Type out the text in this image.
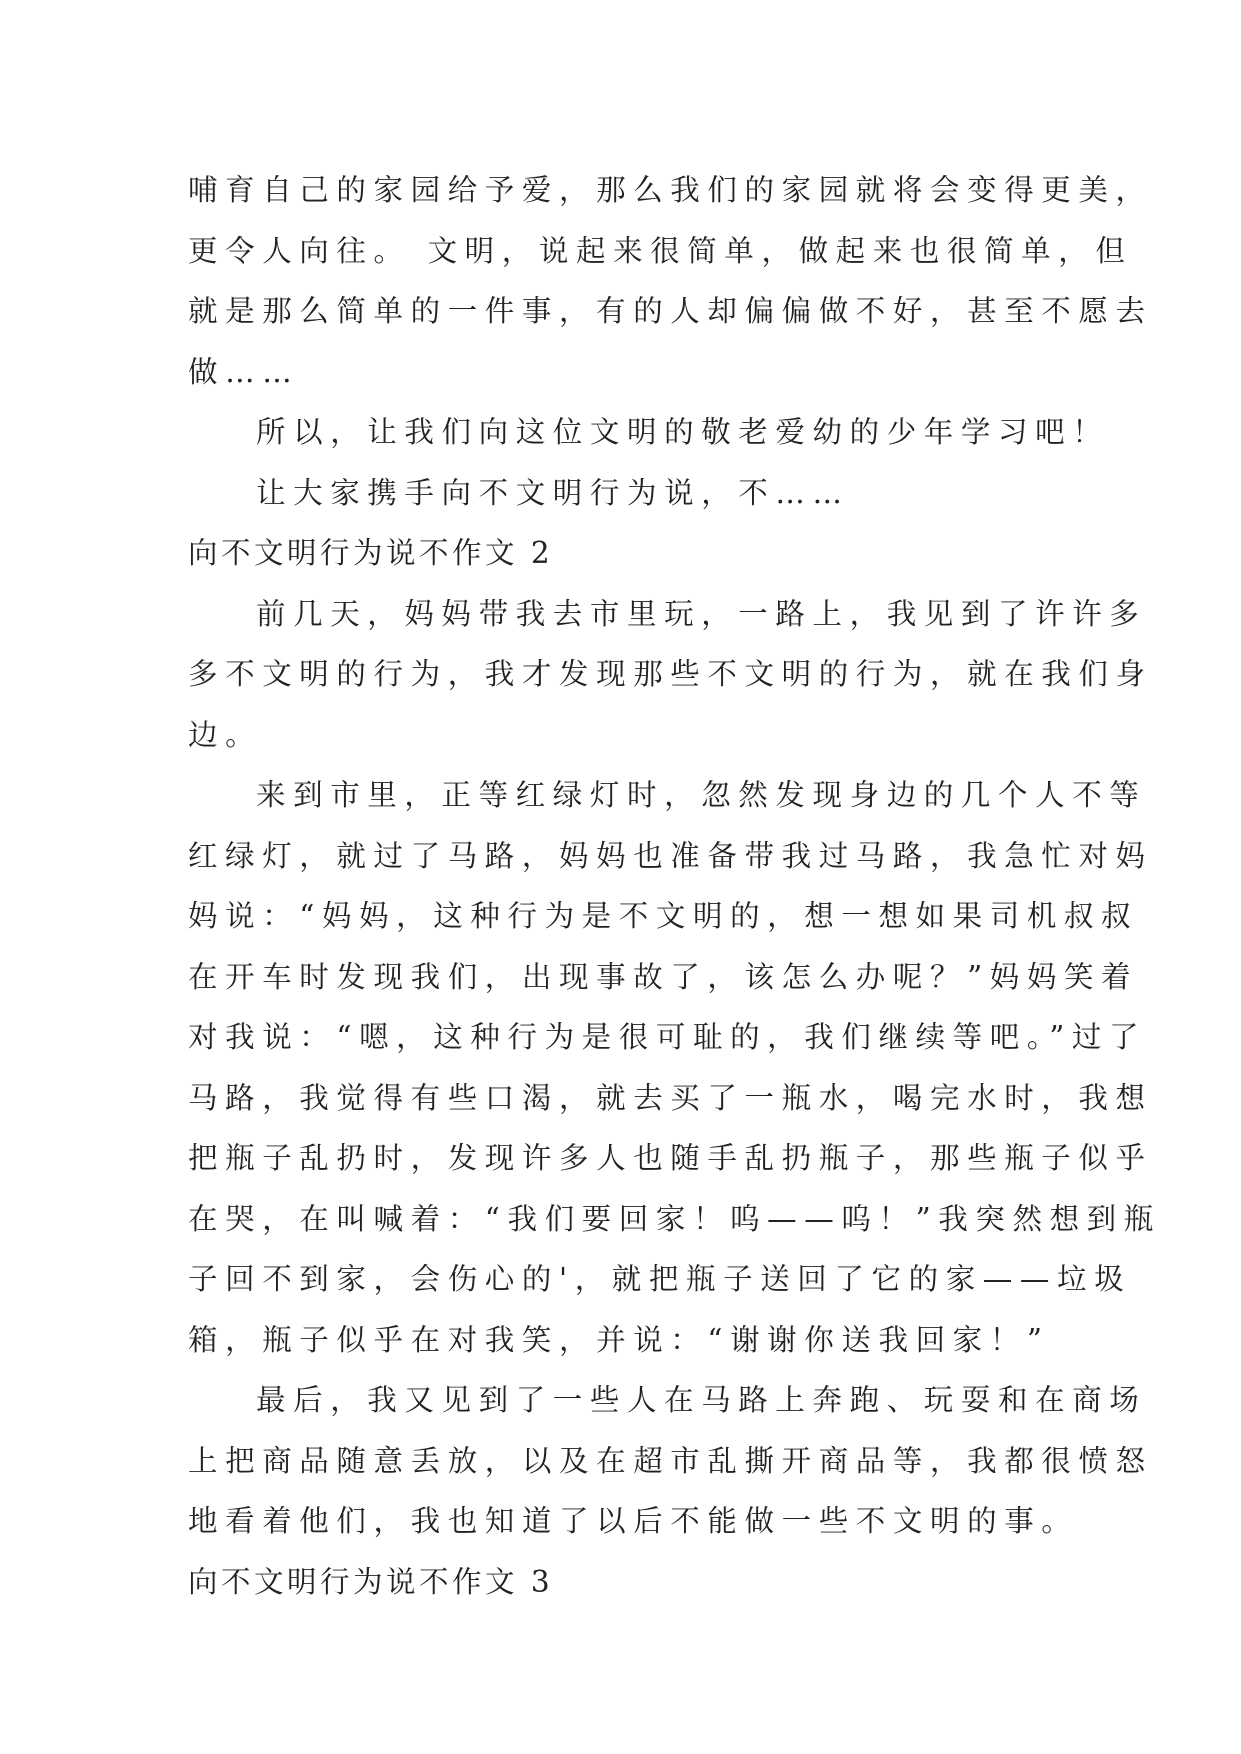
哺育自己的家园给予爱，那么我们的家园就将会变得更美，
更令人向往。 文明，说起来很简单，做起来也很简单，但
就是那么简单的一件事，有的人却偏偏做不好，甚至不愿去
做……
所以，让我们向这位文明的敬老爱幼的少年学习吧！
让大家携手向不文明行为说，不……
向不文明行为说不作文 2
前几天，妈妈带我去市里玩，一路上，我见到了许许多
多不文明的行为，我才发现那些不文明的行为，就在我们身
边。
来到市里，正等红绿灯时，忽然发现身边的几个人不等
红绿灯，就过了马路，妈妈也准备带我过马路，我急忙对妈
妈说：“妈妈，这种行为是不文明的，想一想如果司机叔叔
在开车时发现我们，出现事故了，该怎么办呢？”妈妈笑着
对我说：“嗯，这种行为是很可耻的，我们继续等吧。”过了
马路，我觉得有些口渴，就去买了一瓶水，喝完水时，我想
把瓶子乱扔时，发现许多人也随手乱扔瓶子，那些瓶子似乎
在哭，在叫喊着：“我们要回家！呜——呜！”我突然想到瓶
子回不到家，会伤心的'，就把瓶子送回了它的家——垃圾
箱，瓶子似乎在对我笑，并说：“谢谢你送我回家！”
最后，我又见到了一些人在马路上奔跑、玩耍和在商场
上把商品随意丢放，以及在超市乱撕开商品等，我都很愤怒
地看着他们，我也知道了以后不能做一些不文明的事。
向不文明行为说不作文 3
